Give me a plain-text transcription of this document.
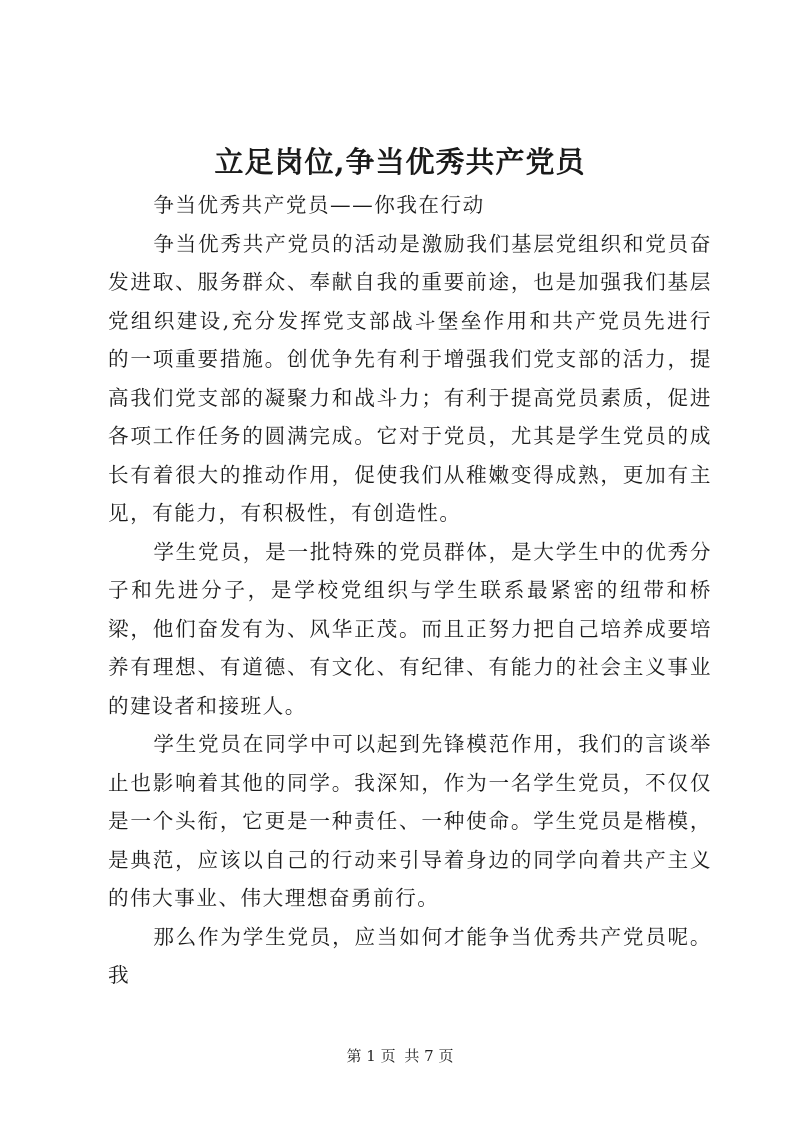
立足岗位,争当优秀共产党员

争当优秀共产党员——你我在行动

争当优秀共产党员的活动是激励我们基层党组织和党员奋发进取、服务群众、奉献自我的重要前途，也是加强我们基层党组织建设,充分发挥党支部战斗堡垒作用和共产党员先进行的一项重要措施。创优争先有利于增强我们党支部的活力，提高我们党支部的凝聚力和战斗力；有利于提高党员素质，促进各项工作任务的圆满完成。它对于党员，尤其是学生党员的成长有着很大的推动作用，促使我们从稚嫩变得成熟，更加有主见，有能力，有积极性，有创造性。

学生党员，是一批特殊的党员群体，是大学生中的优秀分子和先进分子，是学校党组织与学生联系最紧密的纽带和桥梁，他们奋发有为、风华正茂。而且正努力把自己培养成要培养有理想、有道德、有文化、有纪律、有能力的社会主义事业的建设者和接班人。

学生党员在同学中可以起到先锋模范作用，我们的言谈举止也影响着其他的同学。我深知，作为一名学生党员，不仅仅是一个头衔，它更是一种责任、一种使命。学生党员是楷模，是典范，应该以自己的行动来引导着身边的同学向着共产主义的伟大事业、伟大理想奋勇前行。

那么作为学生党员，应当如何才能争当优秀共产党员呢。我

第 1 页 共 7 页
